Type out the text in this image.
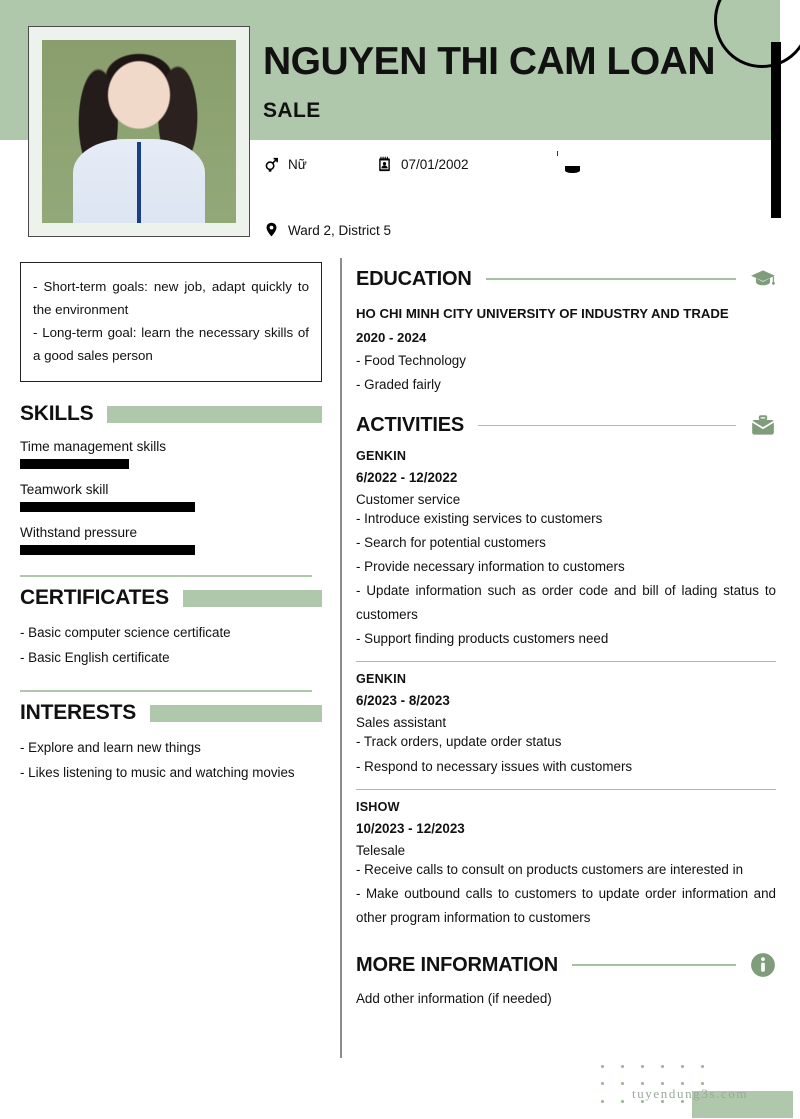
NGUYEN THI CAM LOAN
SALE
Nữ	07/01/2002
Ward 2, District 5
- Short-term goals: new job, adapt quickly to the environment
- Long-term goal: learn the necessary skills of a good sales person
SKILLS
Time management skills
Teamwork skill
Withstand pressure
CERTIFICATES
- Basic computer science certificate
- Basic English certificate
INTERESTS
- Explore and learn new things
- Likes listening to music and watching movies
EDUCATION
HO CHI MINH CITY UNIVERSITY OF INDUSTRY AND TRADE
2020 - 2024
- Food Technology
- Graded fairly
ACTIVITIES
GENKIN
6/2022 - 12/2022
Customer service
- Introduce existing services to customers
- Search for potential customers
- Provide necessary information to customers
- Update information such as order code and bill of lading status to customers
- Support finding products customers need
GENKIN
6/2023 - 8/2023
Sales assistant
- Track orders, update order status
- Respond to necessary issues with customers
ISHOW
10/2023 - 12/2023
Telesale
- Receive calls to consult on products customers are interested in
- Make outbound calls to customers to update order information and other program information to customers
MORE INFORMATION
Add other information (if needed)
tuyendung3s.com
